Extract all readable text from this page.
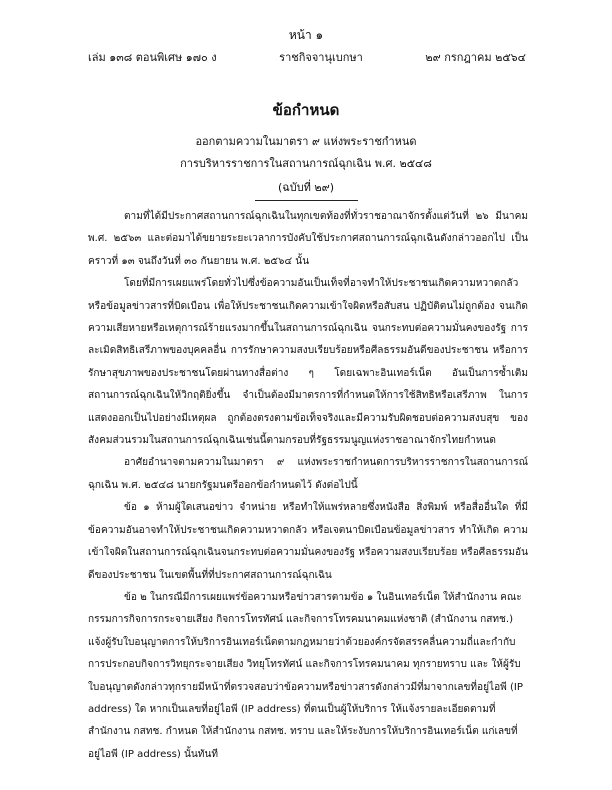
หน้า ๑
เล่ม ๑๓๘ ตอนพิเศษ ๑๗๐ ง	ราชกิจจานุเบกษา	๒๙ กรกฎาคม ๒๕๖๔
ข้อกำหนด
ออกตามความในมาตรา ๙ แห่งพระราชกำหนด
การบริหารราชการในสถานการณ์ฉุกเฉิน พ.ศ. ๒๕๔๘
(ฉบับที่ ๒๙)

ตามที่ได้มีประกาศสถานการณ์ฉุกเฉินในทุกเขตท้องที่ทั่วราชอาณาจักรตั้งแต่วันที่ ๒๖ มีนาคม พ.ศ. ๒๕๖๓ และต่อมาได้ขยายระยะเวลาการบังคับใช้ประกาศสถานการณ์ฉุกเฉินดังกล่าวออกไป เป็นคราวที่ ๑๓ จนถึงวันที่ ๓๐ กันยายน พ.ศ. ๒๕๖๔ นั้น

โดยที่มีการเผยแพร่โดยทั่วไปซึ่งข้อความอันเป็นเท็จที่อาจทำให้ประชาชนเกิดความหวาดกลัว หรือข้อมูลข่าวสารที่บิดเบือน เพื่อให้ประชาชนเกิดความเข้าใจผิดหรือสับสน ปฏิบัติตนไม่ถูกต้อง จนเกิดความเสียหายหรือเหตุการณ์ร้ายแรงมากขึ้นในสถานการณ์ฉุกเฉิน จนกระทบต่อความมั่นคงของรัฐ การละเมิดสิทธิเสรีภาพของบุคคลอื่น การรักษาความสงบเรียบร้อยหรือศีลธรรมอันดีของประชาชน หรือการรักษาสุขภาพของประชาชนโดยผ่านทางสื่อต่าง ๆ โดยเฉพาะอินเทอร์เน็ต อันเป็นการซ้ำเติม สถานการณ์ฉุกเฉินให้วิกฤติยิ่งขึ้น จำเป็นต้องมีมาตรการที่กำหนดให้การใช้สิทธิหรือเสรีภาพ ในการแสดงออกเป็นไปอย่างมีเหตุผล ถูกต้องตรงตามข้อเท็จจริงและมีความรับผิดชอบต่อความสงบสุข ของสังคมส่วนรวมในสถานการณ์ฉุกเฉินเช่นนี้ตามกรอบที่รัฐธรรมนูญแห่งราชอาณาจักรไทยกำหนด

อาศัยอำนาจตามความในมาตรา ๙ แห่งพระราชกำหนดการบริหารราชการในสถานการณ์ฉุกเฉิน พ.ศ. ๒๕๔๘ นายกรัฐมนตรีออกข้อกำหนดไว้ ดังต่อไปนี้

ข้อ ๑ ห้ามผู้ใดเสนอข่าว จำหน่าย หรือทำให้แพร่หลายซึ่งหนังสือ สิ่งพิมพ์ หรือสื่ออื่นใด ที่มีข้อความอันอาจทำให้ประชาชนเกิดความหวาดกลัว หรือเจตนาบิดเบือนข้อมูลข่าวสาร ทำให้เกิด ความเข้าใจผิดในสถานการณ์ฉุกเฉินจนกระทบต่อความมั่นคงของรัฐ หรือความสงบเรียบร้อย หรือศีลธรรมอันดีของประชาชน ในเขตพื้นที่ที่ประกาศสถานการณ์ฉุกเฉิน

ข้อ ๒ ในกรณีมีการเผยแพร่ข้อความหรือข่าวสารตามข้อ ๑ ในอินเทอร์เน็ต ให้สำนักงาน คณะกรรมการกิจการกระจายเสียง กิจการโทรทัศน์ และกิจการโทรคมนาคมแห่งชาติ (สำนักงาน กสทช.) แจ้งผู้รับใบอนุญาตการให้บริการอินเทอร์เน็ตตามกฎหมายว่าด้วยองค์กรจัดสรรคลื่นความถี่และกำกับ การประกอบกิจการวิทยุกระจายเสียง วิทยุโทรทัศน์ และกิจการโทรคมนาคม ทุกรายทราบ และ ให้ผู้รับใบอนุญาตดังกล่าวทุกรายมีหน้าที่ตรวจสอบว่าข้อความหรือข่าวสารดังกล่าวมีที่มาจากเลขที่อยู่ไอพี (IP address) ใด หากเป็นเลขที่อยู่ไอพี (IP address) ที่ตนเป็นผู้ให้บริการ ให้แจ้งรายละเอียดตามที่ สำนักงาน กสทช. กำหนด ให้สำนักงาน กสทช. ทราบ และให้ระงับการให้บริการอินเทอร์เน็ต แก่เลขที่อยู่ไอพี (IP address) นั้นทันที
